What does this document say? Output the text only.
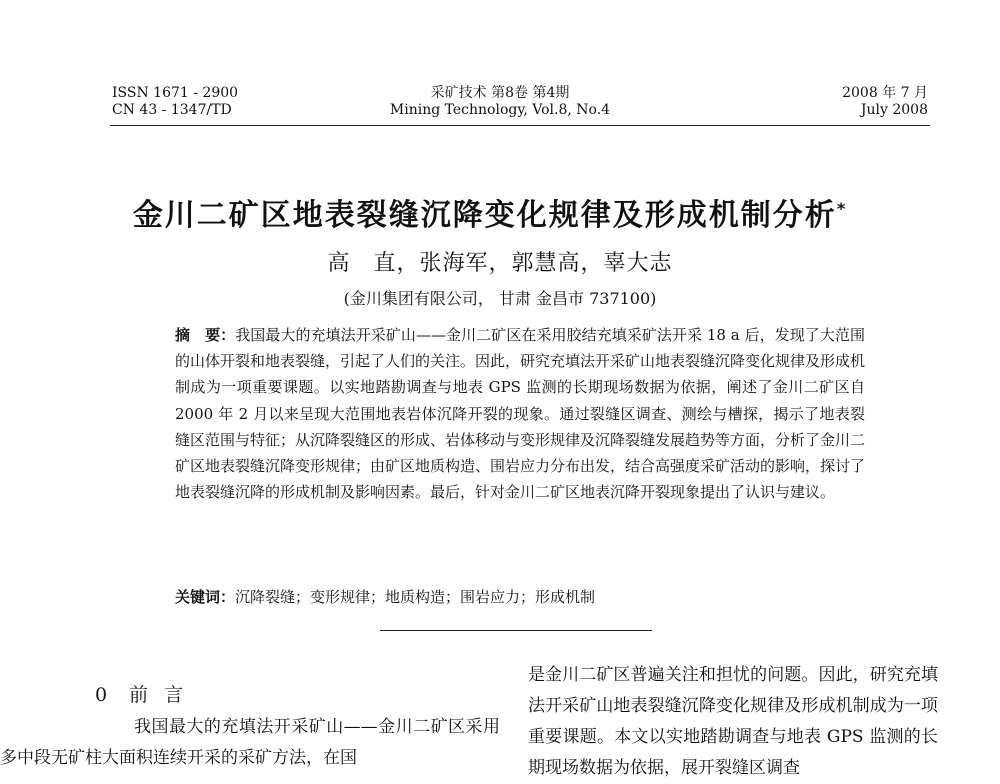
ISSN 1671 - 2900
CN 43 - 1347/TD
采矿技术 第8卷 第4期
Mining Technology, Vol.8, No.4
2008 年 7 月
July 2008
金川二矿区地表裂缝沉降变化规律及形成机制分析*
高　直，张海军，郭慧高，辜大志
(金川集团有限公司， 甘肃 金昌市 737100)
摘　要：我国最大的充填法开采矿山——金川二矿区在采用胶结充填采矿法开采 18 a 后，发现了大范围的山体开裂和地表裂缝，引起了人们的关注。因此，研究充填法开采矿山地表裂缝沉降变化规律及形成机制成为一项重要课题。以实地踏勘调查与地表 GPS 监测的长期现场数据为依据，阐述了金川二矿区自 2000 年 2 月以来呈现大范围地表岩体沉降开裂的现象。通过裂缝区调查、测绘与槽探，揭示了地表裂缝区范围与特征；从沉降裂缝区的形成、岩体移动与变形规律及沉降裂缝发展趋势等方面，分析了金川二矿区地表裂缝沉降变形规律；由矿区地质构造、围岩应力分布出发，结合高强度采矿活动的影响，探讨了地表裂缝沉降的形成机制及影响因素。最后，针对金川二矿区地表沉降开裂现象提出了认识与建议。
关键词：沉降裂缝；变形规律；地质构造；围岩应力；形成机制
0 前言
我国最大的充填法开采矿山——金川二矿区采用多中段无矿柱大面积连续开采的采矿方法，在国
是金川二矿区普遍关注和担忧的问题。因此，研究充填法开采矿山地表裂缝沉降变化规律及形成机制成为一项重要课题。本文以实地踏勘调查与地表 GPS 监测的长期现场数据为依据，展开裂缝区调查
